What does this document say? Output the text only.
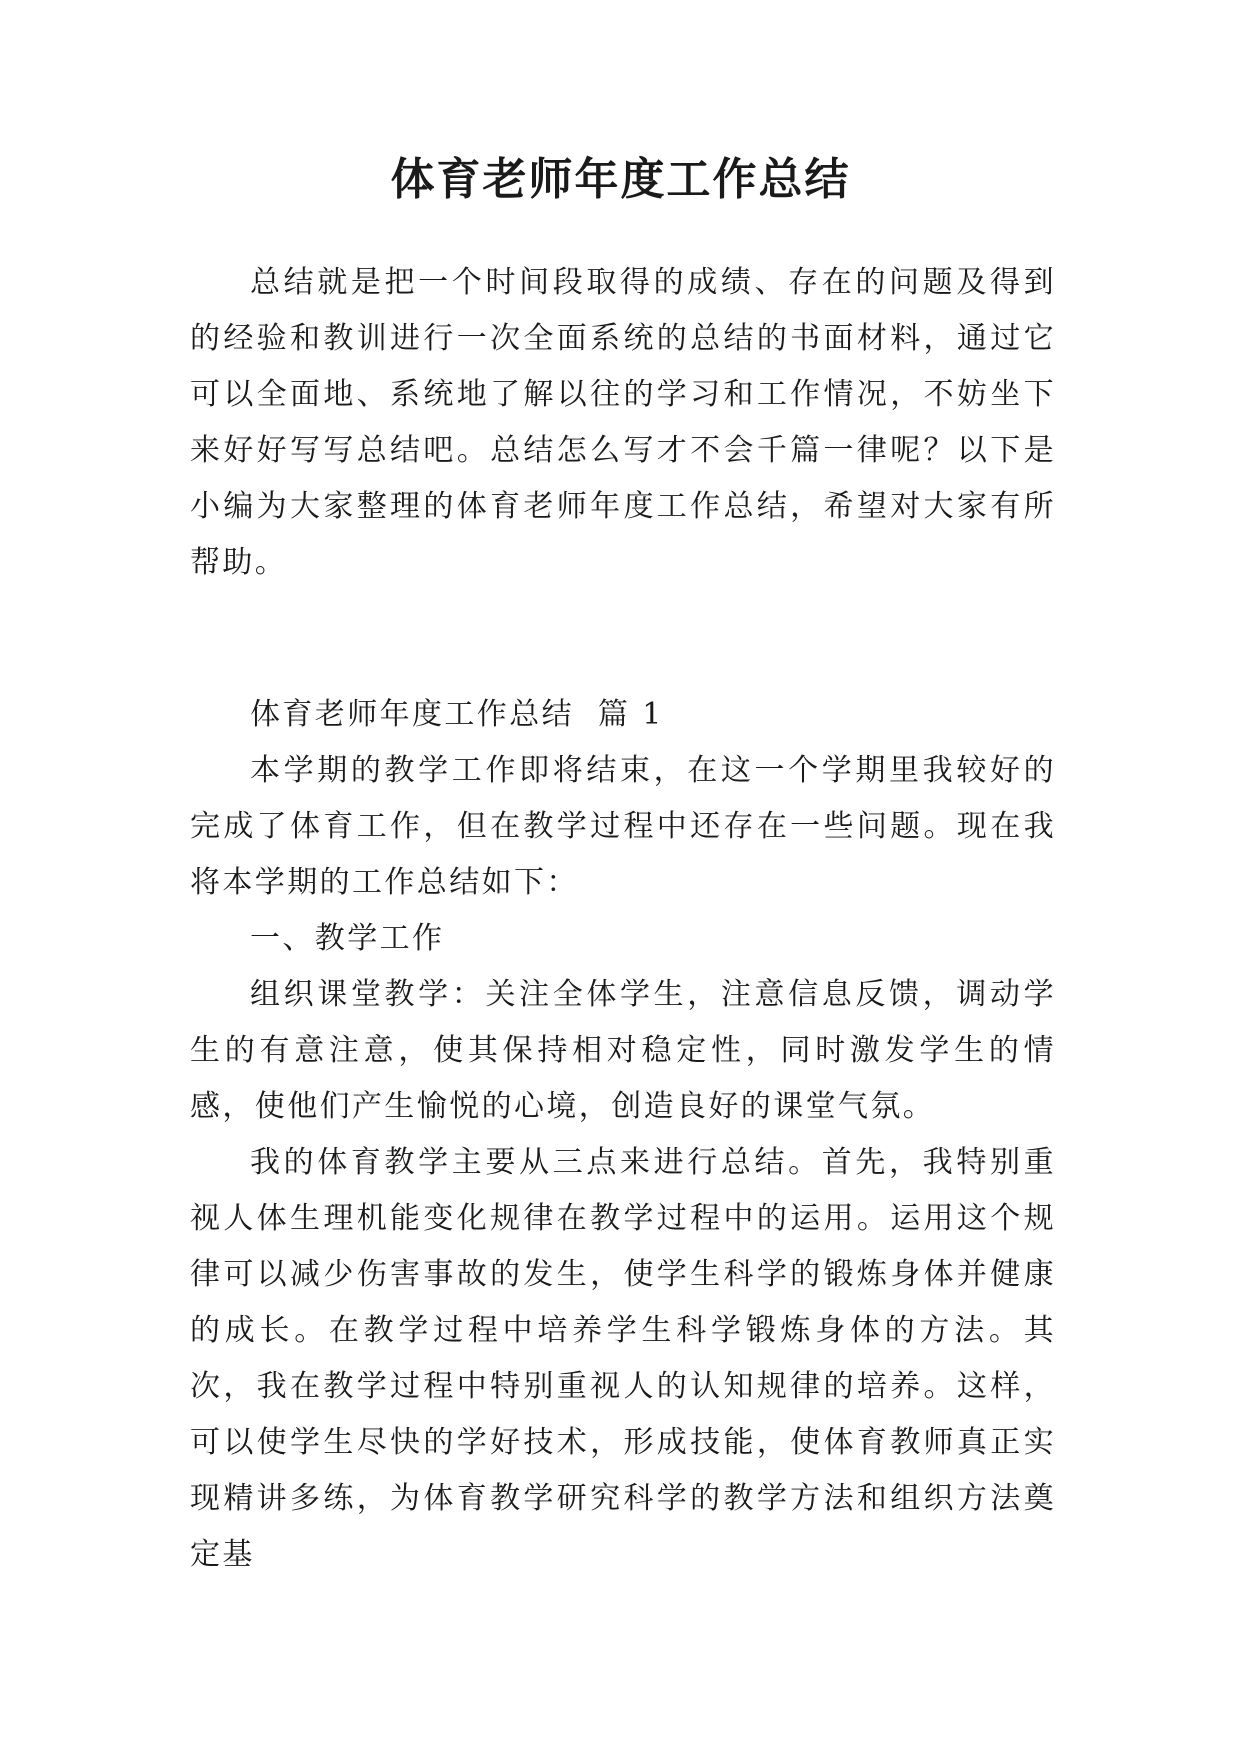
体育老师年度工作总结

总结就是把一个时间段取得的成绩、存在的问题及得到的经验和教训进行一次全面系统的总结的书面材料，通过它可以全面地、系统地了解以往的学习和工作情况，不妨坐下来好好写写总结吧。总结怎么写才不会千篇一律呢？以下是小编为大家整理的体育老师年度工作总结，希望对大家有所帮助。

体育老师年度工作总结  篇 1

本学期的教学工作即将结束，在这一个学期里我较好的完成了体育工作，但在教学过程中还存在一些问题。现在我将本学期的工作总结如下：

一、教学工作

组织课堂教学：关注全体学生，注意信息反馈，调动学生的有意注意，使其保持相对稳定性，同时激发学生的情感，使他们产生愉悦的心境，创造良好的课堂气氛。

我的体育教学主要从三点来进行总结。首先，我特别重视人体生理机能变化规律在教学过程中的运用。运用这个规律可以减少伤害事故的发生，使学生科学的锻炼身体并健康的成长。在教学过程中培养学生科学锻炼身体的方法。其次，我在教学过程中特别重视人的认知规律的培养。这样，可以使学生尽快的学好技术，形成技能，使体育教师真正实现精讲多练，为体育教学研究科学的教学方法和组织方法奠定基
